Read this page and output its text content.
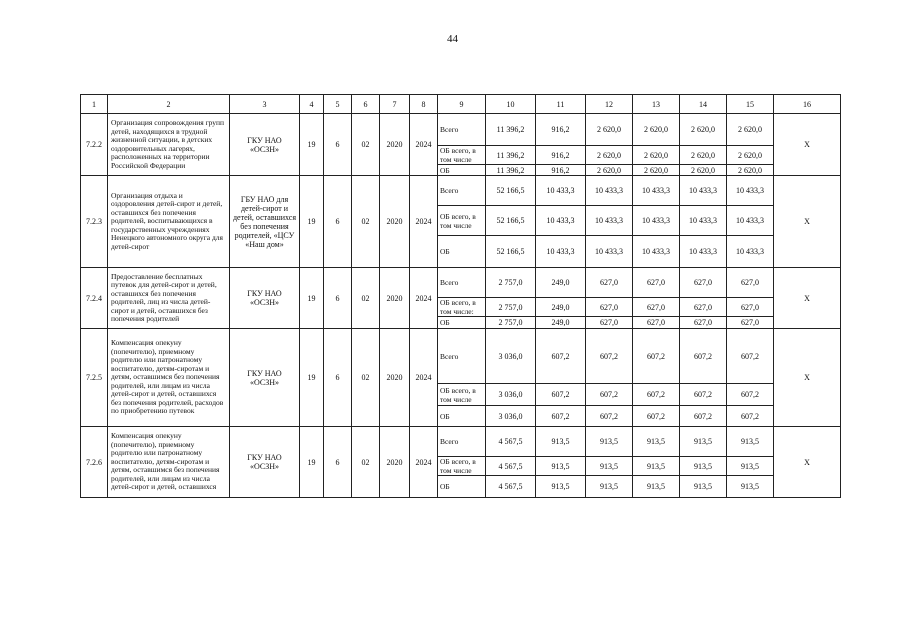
44
1	2	3	4	5	6	7	8	9	10	11	12	13	14	15	16
7.2.2	Организация сопровождения групп детей, находящихся в трудной жизненной ситуации, в детских оздоровительных лагерях, расположенных на территории Российской Федерации	ГКУ НАО «ОСЗН»	19	6	02	2020	2024	Всего	11 396,2	916,2	2 620,0	2 620,0	2 620,0	2 620,0	Х
								ОБ всего, в том числе	11 396,2	916,2	2 620,0	2 620,0	2 620,0	2 620,0	
								ОБ	11 396,2	916,2	2 620,0	2 620,0	2 620,0	2 620,0	
7.2.3	Организация отдыха и оздоровления детей-сирот и детей, оставшихся без попечения родителей, воспитывающихся в государственных учреждениях Ненецкого автономного округа для детей-сирот	ГБУ НАО для детей-сирот и детей, оставшихся без попечения родителей, «ЦСУ «Наш дом»	19	6	02	2020	2024	Всего	52 166,5	10 433,3	10 433,3	10 433,3	10 433,3	10 433,3	Х
								ОБ всего, в том числе	52 166,5	10 433,3	10 433,3	10 433,3	10 433,3	10 433,3	
								ОБ	52 166,5	10 433,3	10 433,3	10 433,3	10 433,3	10 433,3	
7.2.4	Предоставление бесплатных путевок для детей-сирот и детей, оставшихся без попечения родителей, лиц из числа детей-сирот и детей, оставшихся без попечения родителей	ГКУ НАО «ОСЗН»	19	6	02	2020	2024	Всего	2 757,0	249,0	627,0	627,0	627,0	627,0	Х
								ОБ всего, в том числе:	2 757,0	249,0	627,0	627,0	627,0	627,0	
								ОБ	2 757,0	249,0	627,0	627,0	627,0	627,0	
7.2.5	Компенсация опекуну (попечителю), приемному родителю или патронатному воспитателю, детям-сиротам и детям, оставшимся без попечения родителей, или лицам из числа детей-сирот и детей, оставшихся без попечения родителей, расходов по приобретению путевок	ГКУ НАО «ОСЗН»	19	6	02	2020	2024	Всего	3 036,0	607,2	607,2	607,2	607,2	607,2	Х
								ОБ всего, в том числе	3 036,0	607,2	607,2	607,2	607,2	607,2	
								ОБ	3 036,0	607,2	607,2	607,2	607,2	607,2	
7.2.6	Компенсация опекуну (попечителю), приемному родителю или патронатному воспитателю, детям-сиротам и детям, оставшимся без попечения родителей, или лицам из числа детей-сирот и детей, оставшихся	ГКУ НАО «ОСЗН»	19	6	02	2020	2024	Всего	4 567,5	913,5	913,5	913,5	913,5	913,5	Х
								ОБ всего, в том числе	4 567,5	913,5	913,5	913,5	913,5	913,5	
								ОБ	4 567,5	913,5	913,5	913,5	913,5	913,5	
